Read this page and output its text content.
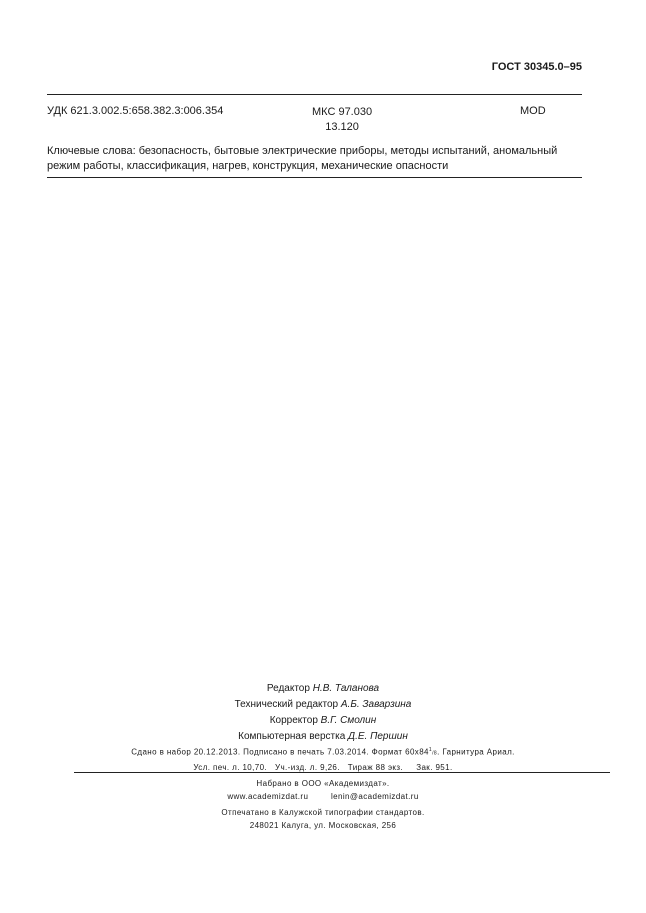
ГОСТ 30345.0–95
УДК 621.3.002.5:658.382.3:006.354	МКС 97.030
13.120
MOD
Ключевые слова: безопасность, бытовые электрические приборы, методы испытаний, аномальный режим работы, классификация, нагрев, конструкция, механические опасности
Редактор Н.В. Таланова
Технический редактор А.Б. Заварзина
Корректор В.Г. Смолин
Компьютерная верстка Д.Е. Першин
Сдано в набор 20.12.2013. Подписано в печать 7.03.2014. Формат $60х84^1/8$. Гарнитура Ариал.
Усл. печ. л. 10,70.   Уч.-изд. л. 9,26.   Тираж 88 экз.     Зак. 951.
Набрано в ООО «Академиздат».
www.academizdat.ru	lenin@academizdat.ru
Отпечатано в Калужской типографии стандартов.
248021 Калуга, ул. Московская, 256
